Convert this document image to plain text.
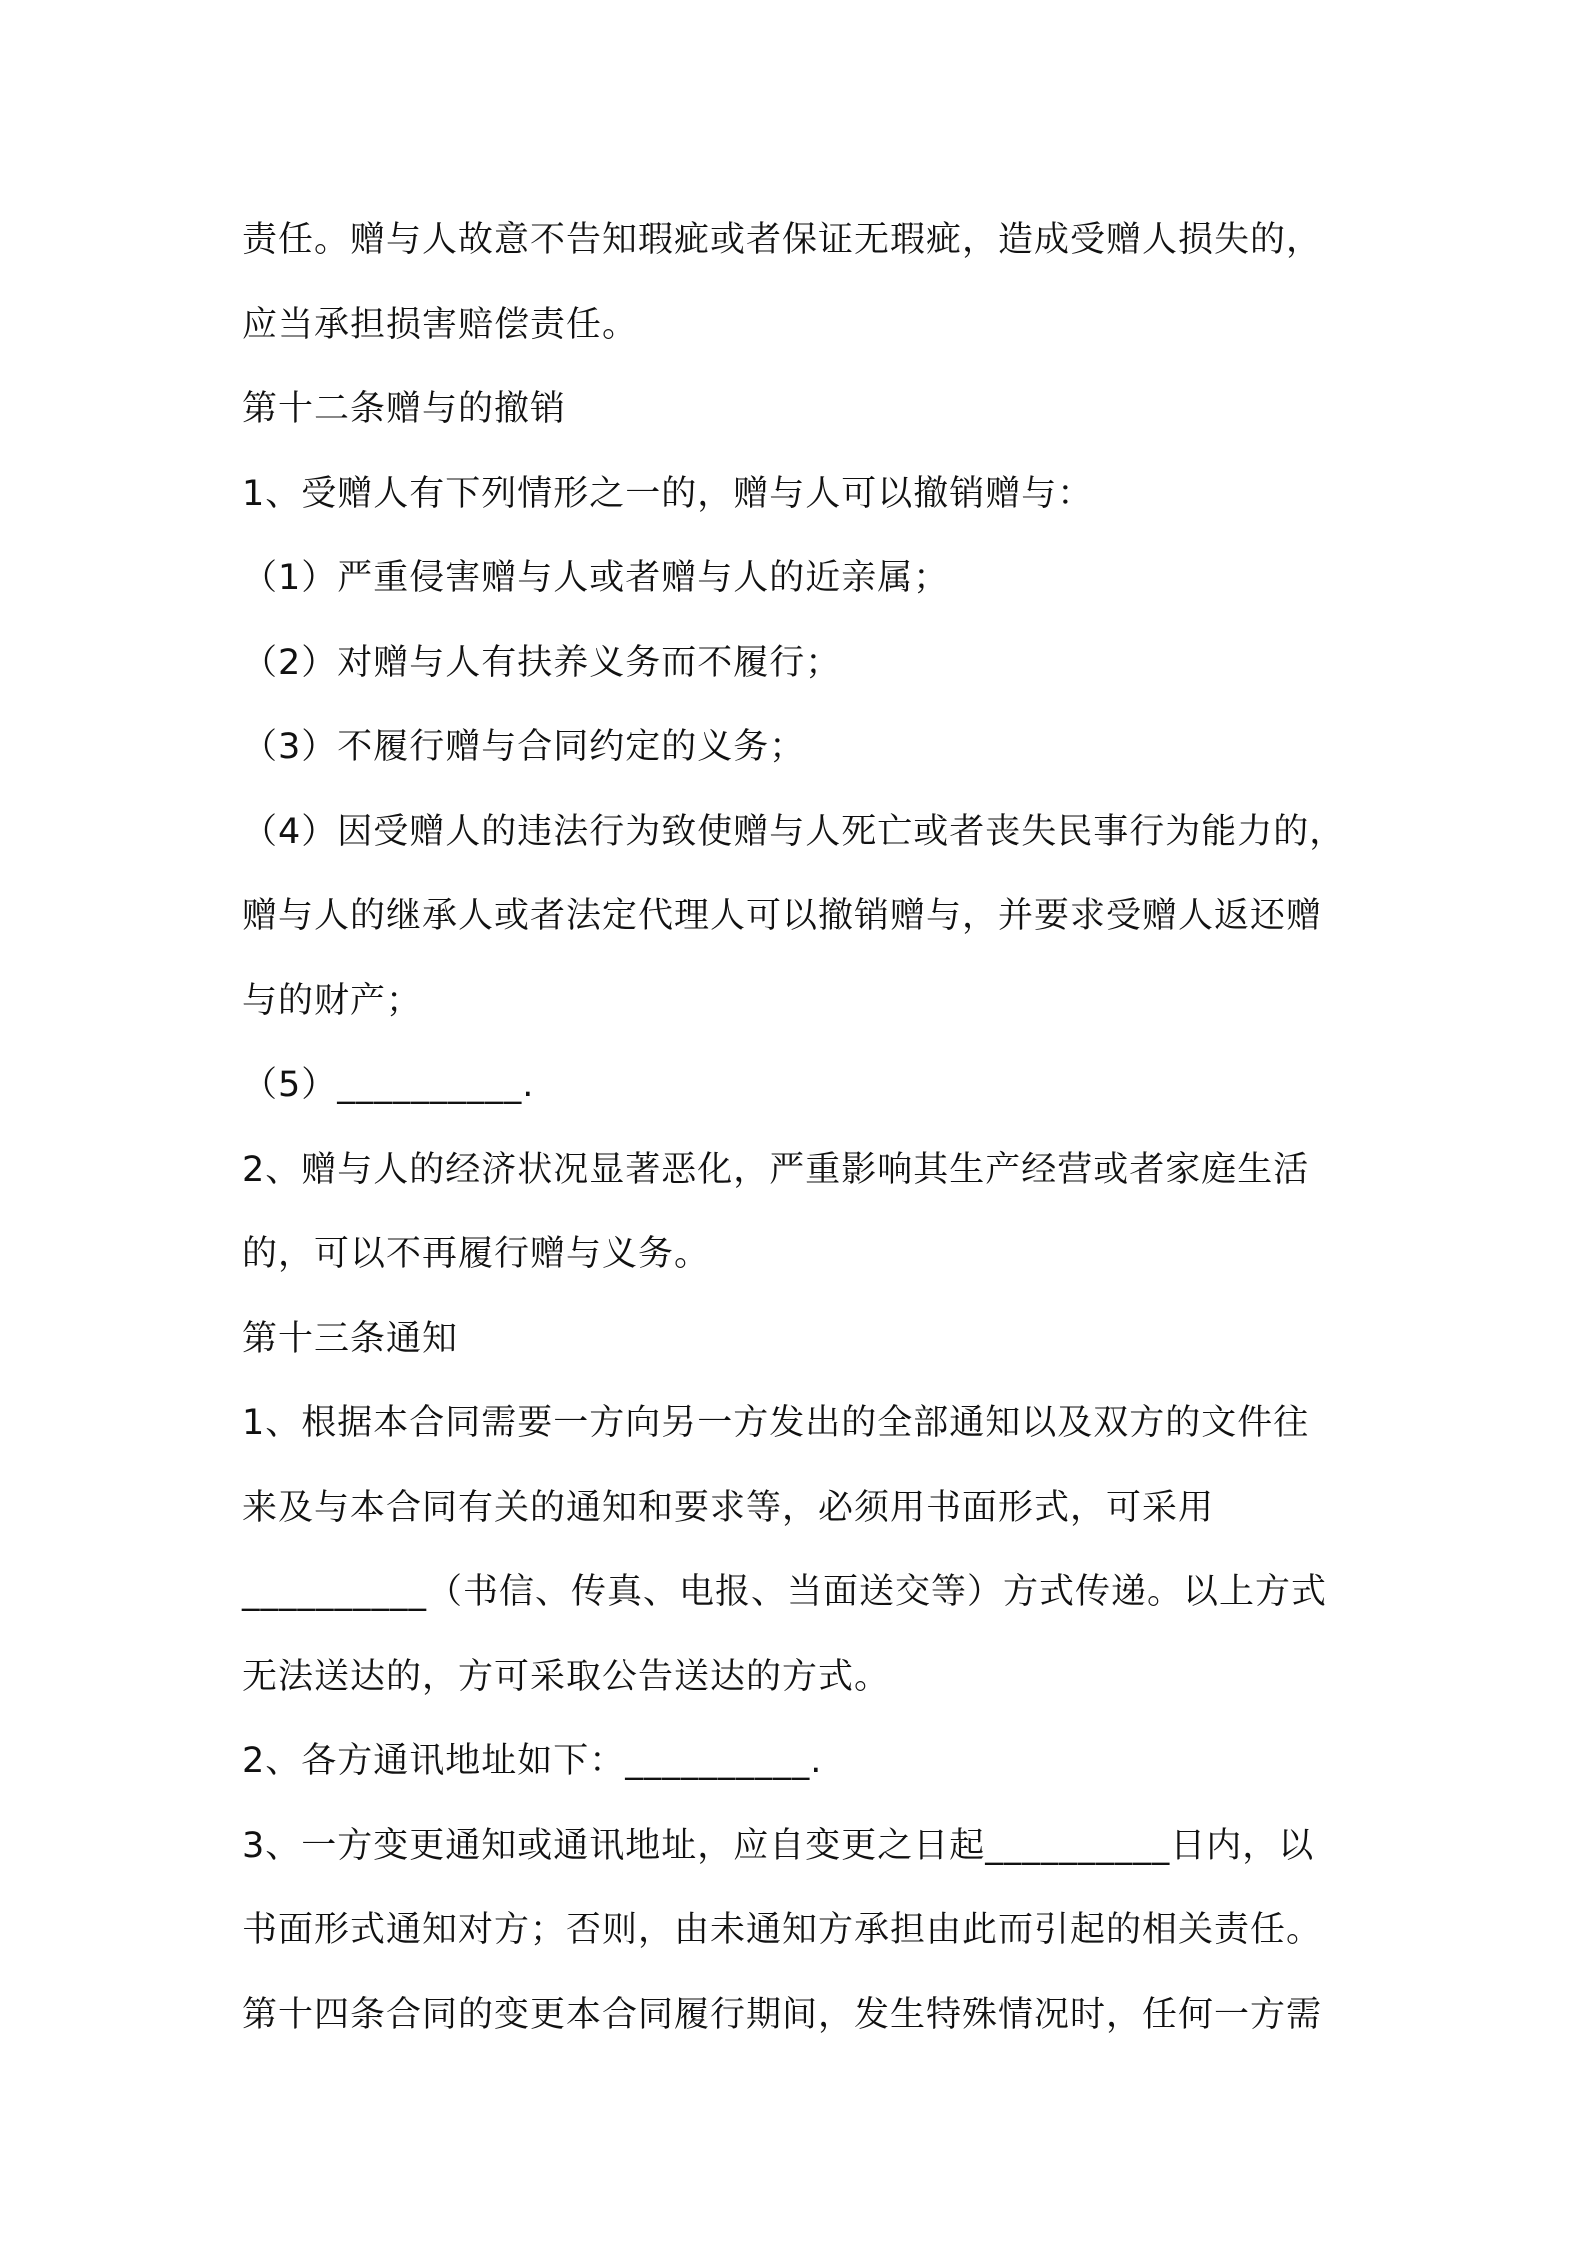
责任。赠与人故意不告知瑕疵或者保证无瑕疵，造成受赠人损失的，
应当承担损害赔偿责任。
第十二条赠与的撤销
1、受赠人有下列情形之一的，赠与人可以撤销赠与：
（1）严重侵害赠与人或者赠与人的近亲属；
（2）对赠与人有扶养义务而不履行；
（3）不履行赠与合同约定的义务；
（4）因受赠人的违法行为致使赠与人死亡或者丧失民事行为能力的，
赠与人的继承人或者法定代理人可以撤销赠与，并要求受赠人返还赠
与的财产；
（5）__________.
2、赠与人的经济状况显著恶化，严重影响其生产经营或者家庭生活
的，可以不再履行赠与义务。
第十三条通知
1、根据本合同需要一方向另一方发出的全部通知以及双方的文件往
来及与本合同有关的通知和要求等，必须用书面形式，可采用
__________（书信、传真、电报、当面送交等）方式传递。以上方式
无法送达的，方可采取公告送达的方式。
2、各方通讯地址如下：__________.
3、一方变更通知或通讯地址，应自变更之日起__________日内，以
书面形式通知对方；否则，由未通知方承担由此而引起的相关责任。
第十四条合同的变更本合同履行期间，发生特殊情况时，任何一方需
